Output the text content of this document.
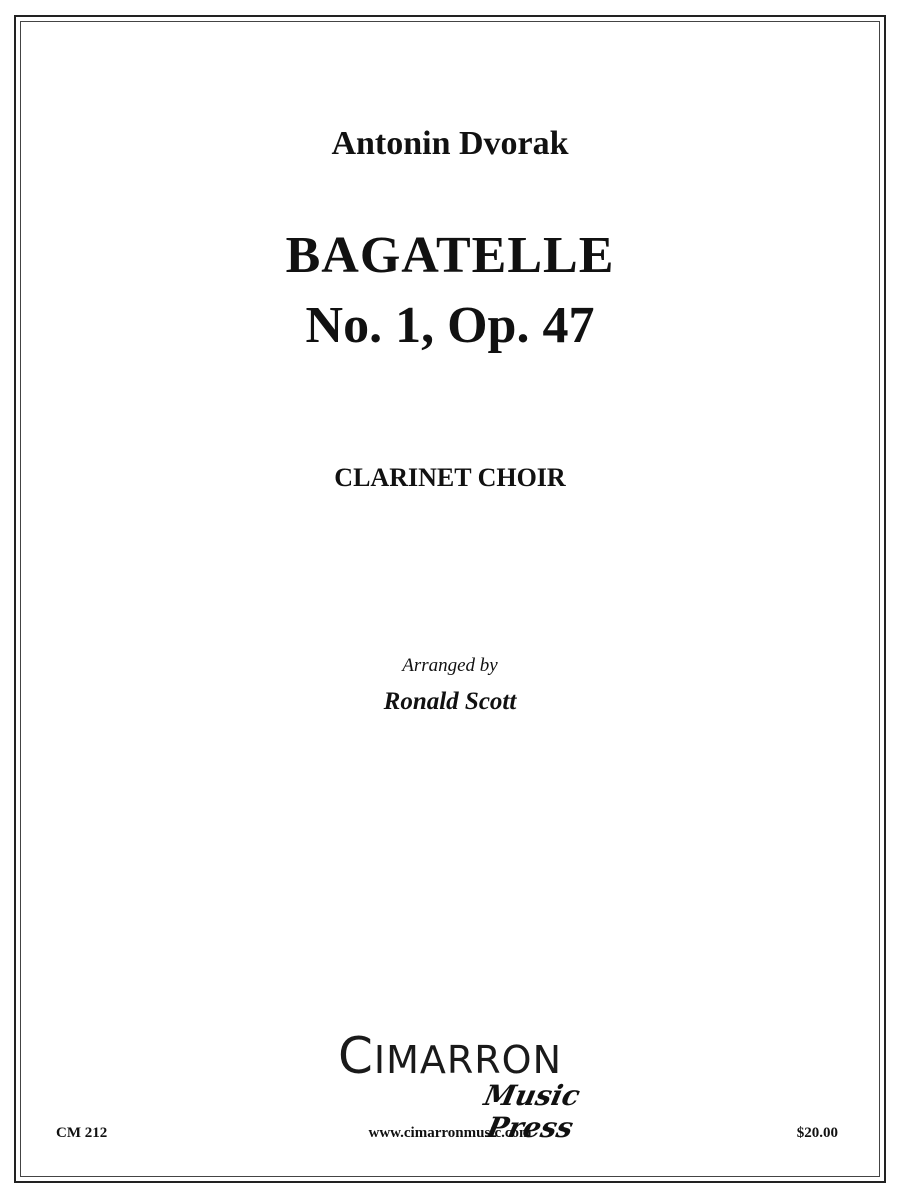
Antonin Dvorak
BAGATELLE
No. 1, Op. 47
CLARINET CHOIR
Arranged by
Ronald Scott
CIMARRON
Music Press
CM 212	www.cimarronmusic.com	$20.00
